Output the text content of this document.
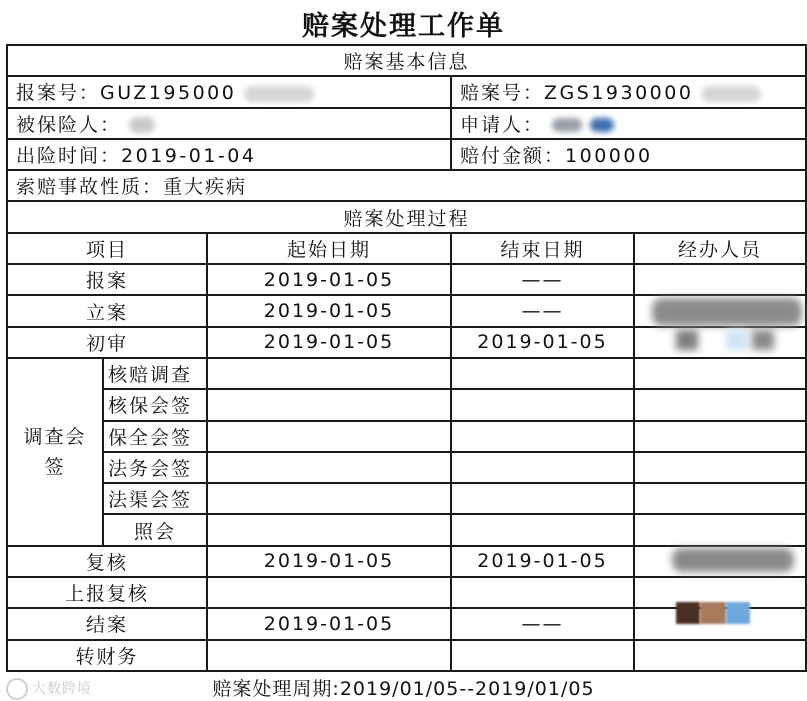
赔案处理工作单
赔案基本信息				
报案号：GUZ195000			赔案号：ZGS1930000	
被保险人：			申请人：	
出险时间：2019-01-04			赔付金额：100000	
索赔事故性质：重大疾病				
赔案处理过程				
项目		起始日期	结束日期	经办人员
报案		2019-01-05	——	
立案		2019-01-05	——	
初审		2019-01-05	2019-01-05	
调查会签	核赔调查			
	核保会签			
	保全会签			
	法务会签			
	法渠会签			
	照会			
复核		2019-01-05	2019-01-05	
上报复核				
结案		2019-01-05	——	
转财务				
赔案处理周期:2019/01/05--2019/01/05
大数跨境
